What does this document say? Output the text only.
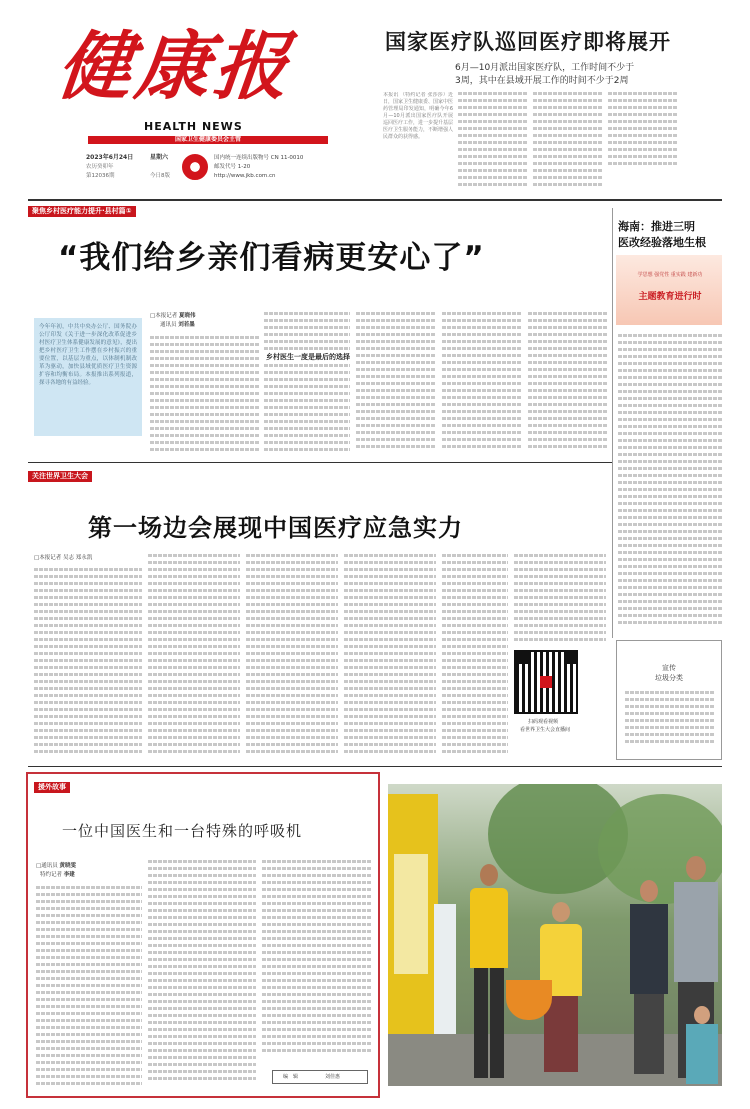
健康报
HEALTH NEWS
国家卫生健康委员会主管
2023年6月24日
农历癸卯年
第12036期
星期六
今日8版
国内统一连续出版物号 CN 11-0010
邮发代号 1-20
http://www.jkb.com.cn
国家医疗队巡回医疗即将展开
6月—10月派出国家医疗队，工作时间不少于
3周，其中在县域开展工作的时间不少于2周
本报讯 （特约记者 张莎莎）近日，国家卫生健康委、国家中医药管理局印发通知，明确今年6月—10月派出国家医疗队开展巡回医疗工作，进一步提升基层医疗卫生服务能力，不断增强人民群众的获得感。
聚焦乡村医疗能力提升·县村篇①
“我们给乡亲们看病更安心了”
今年年初，中共中央办公厅、国务院办公厅印发《关于进一步深化改革促进乡村医疗卫生体系健康发展的意见》，提出把乡村医疗卫生工作摆在乡村振兴的重要位置，以基层为重点，以体制机制改革为驱动，加快县域优质医疗卫生资源扩容和均衡布局。本报推出系列报道，探寻各地的有益经验。
□本报记者 夏晓伟
通讯员 刘若墨
乡村医生一度是最后的选择
海南：推进三明
医改经验落地生根
学思想 强党性 重实践 建新功
主题教育进行时
关注世界卫生大会
第一场边会展现中国医疗应急实力
□本报记者 吴志 郑永凯
扫码观看视频
看世界卫生大会直播间
宣传
垃圾分类
援外故事
一位中国医生和一台特殊的呼吸机
□通讯员 黄晓雯
特约记者 李建
编　辑	刘佳惠
